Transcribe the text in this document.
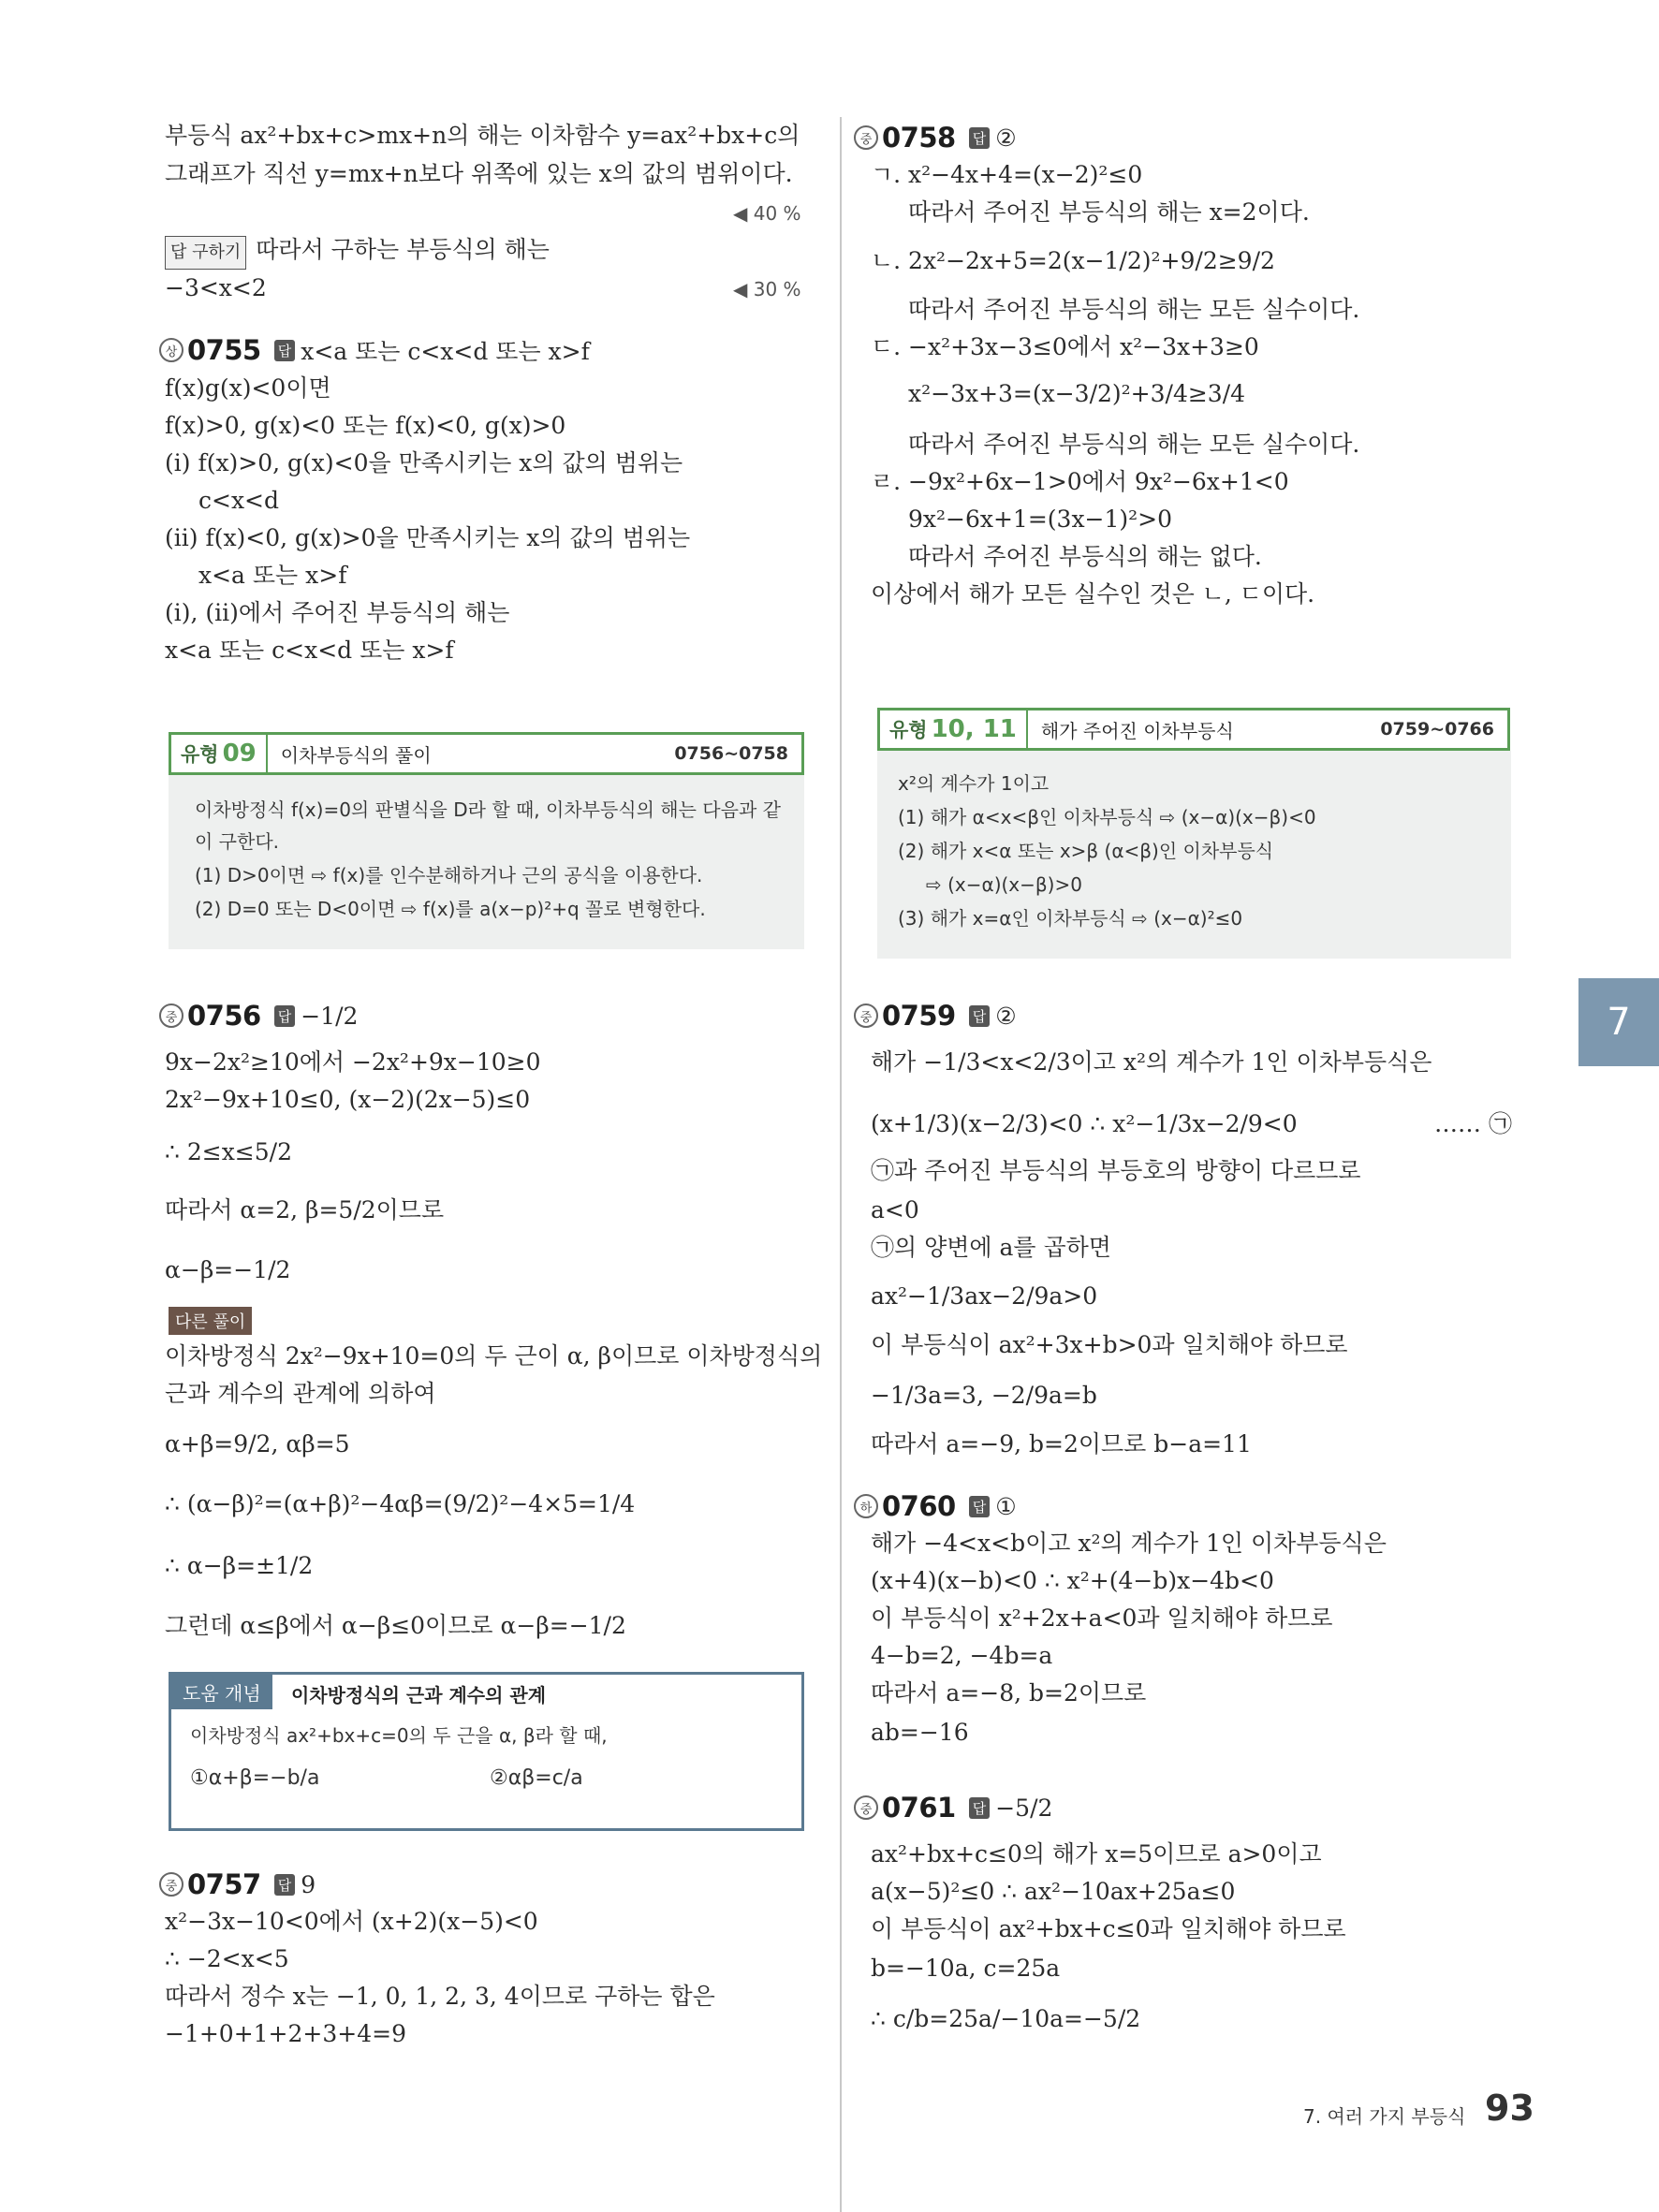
부등식 ax²+bx+c>mx+n의 해는 이차함수 y=ax²+bx+c의
그래프가 직선 y=mx+n보다 위쪽에 있는 x의 값의 범위이다.
◀ 40 %
답 구하기 따라서 구하는 부등식의 해는
−3<x<2	◀ 30 %
상 0755 답 x<a 또는 c<x<d 또는 x>f
f(x)g(x)<0이면
f(x)>0, g(x)<0 또는 f(x)<0, g(x)>0
(i) f(x)>0, g(x)<0을 만족시키는 x의 값의 범위는
c<x<d
(ii) f(x)<0, g(x)>0을 만족시키는 x의 값의 범위는
x<a 또는 x>f
(i), (ii)에서 주어진 부등식의 해는
x<a 또는 c<x<d 또는 x>f
유형 09	이차부등식의 풀이	0756~0758
이차방정식 f(x)=0의 판별식을 D라 할 때, 이차부등식의 해는 다음과 같
이 구한다.
(1) D>0이면 ⇨ f(x)를 인수분해하거나 근의 공식을 이용한다.
(2) D=0 또는 D<0이면 ⇨ f(x)를 a(x−p)²+q 꼴로 변형한다.
중 0756 답 −1/2
9x−2x²≥10에서 −2x²+9x−10≥0
2x²−9x+10≤0, (x−2)(2x−5)≤0
∴ 2≤x≤5/2
따라서 α=2, β=5/2이므로
α−β=−1/2
다른 풀이
이차방정식 2x²−9x+10=0의 두 근이 α, β이므로 이차방정식의
근과 계수의 관계에 의하여
α+β=9/2, αβ=5
∴ (α−β)²=(α+β)²−4αβ=(9/2)²−4×5=1/4
∴ α−β=±1/2
그런데 α≤β에서 α−β≤0이므로 α−β=−1/2
도움 개념	이차방정식의 근과 계수의 관계
이차방정식 ax²+bx+c=0의 두 근을 α, β라 할 때,
①α+β=−b/a	②αβ=c/a
중 0757 답 9
x²−3x−10<0에서 (x+2)(x−5)<0
∴ −2<x<5
따라서 정수 x는 −1, 0, 1, 2, 3, 4이므로 구하는 합은
−1+0+1+2+3+4=9
중 0758 답 ②
ㄱ. x²−4x+4=(x−2)²≤0
따라서 주어진 부등식의 해는 x=2이다.
ㄴ. 2x²−2x+5=2(x−1/2)²+9/2≥9/2
따라서 주어진 부등식의 해는 모든 실수이다.
ㄷ. −x²+3x−3≤0에서 x²−3x+3≥0
x²−3x+3=(x−3/2)²+3/4≥3/4
따라서 주어진 부등식의 해는 모든 실수이다.
ㄹ. −9x²+6x−1>0에서 9x²−6x+1<0
9x²−6x+1=(3x−1)²>0
따라서 주어진 부등식의 해는 없다.
이상에서 해가 모든 실수인 것은 ㄴ, ㄷ이다.
유형 10, 11	해가 주어진 이차부등식	0759~0766
x²의 계수가 1이고
(1) 해가 α<x<β인 이차부등식 ⇨ (x−α)(x−β)<0
(2) 해가 x<α 또는 x>β (α<β)인 이차부등식
⇨ (x−α)(x−β)>0
(3) 해가 x=α인 이차부등식 ⇨ (x−α)²≤0
중 0759 답 ②
해가 −1/3<x<2/3이고 x²의 계수가 1인 이차부등식은
(x+1/3)(x−2/3)<0 ∴ x²−1/3x−2/9<0	…… ㉠
㉠과 주어진 부등식의 부등호의 방향이 다르므로
a<0
㉠의 양변에 a를 곱하면
ax²−1/3ax−2/9a>0
이 부등식이 ax²+3x+b>0과 일치해야 하므로
−1/3a=3, −2/9a=b
따라서 a=−9, b=2이므로 b−a=11
하 0760 답 ①
해가 −4<x<b이고 x²의 계수가 1인 이차부등식은
(x+4)(x−b)<0 ∴ x²+(4−b)x−4b<0
이 부등식이 x²+2x+a<0과 일치해야 하므로
4−b=2, −4b=a
따라서 a=−8, b=2이므로
ab=−16
중 0761 답 −5/2
ax²+bx+c≤0의 해가 x=5이므로 a>0이고
a(x−5)²≤0 ∴ ax²−10ax+25a≤0
이 부등식이 ax²+bx+c≤0과 일치해야 하므로
b=−10a, c=25a
∴ c/b=25a/−10a=−5/2
7
7. 여러 가지 부등식 93
